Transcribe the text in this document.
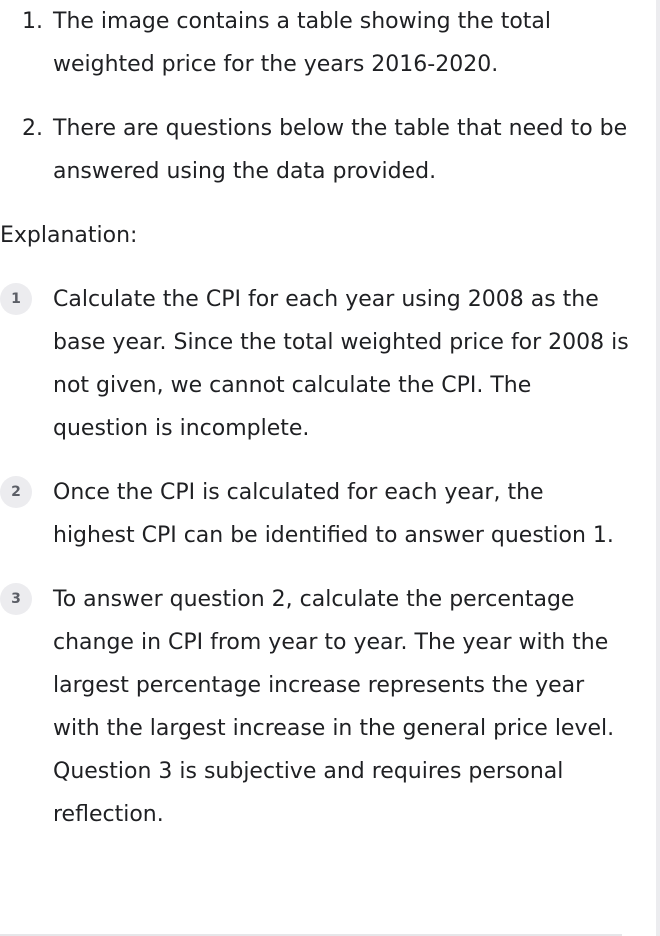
1. The image contains a table showing the total weighted price for the years 2016-2020.
2. There are questions below the table that need to be answered using the data provided.
Explanation:
1	Calculate the CPI for each year using 2008 as the base year. Since the total weighted price for 2008 is not given, we cannot calculate the CPI. The question is incomplete.
2	Once the CPI is calculated for each year, the highest CPI can be identified to answer question 1.
3	To answer question 2, calculate the percentage change in CPI from year to year. The year with the largest percentage increase represents the year with the largest increase in the general price level. Question 3 is subjective and requires personal reflection.
